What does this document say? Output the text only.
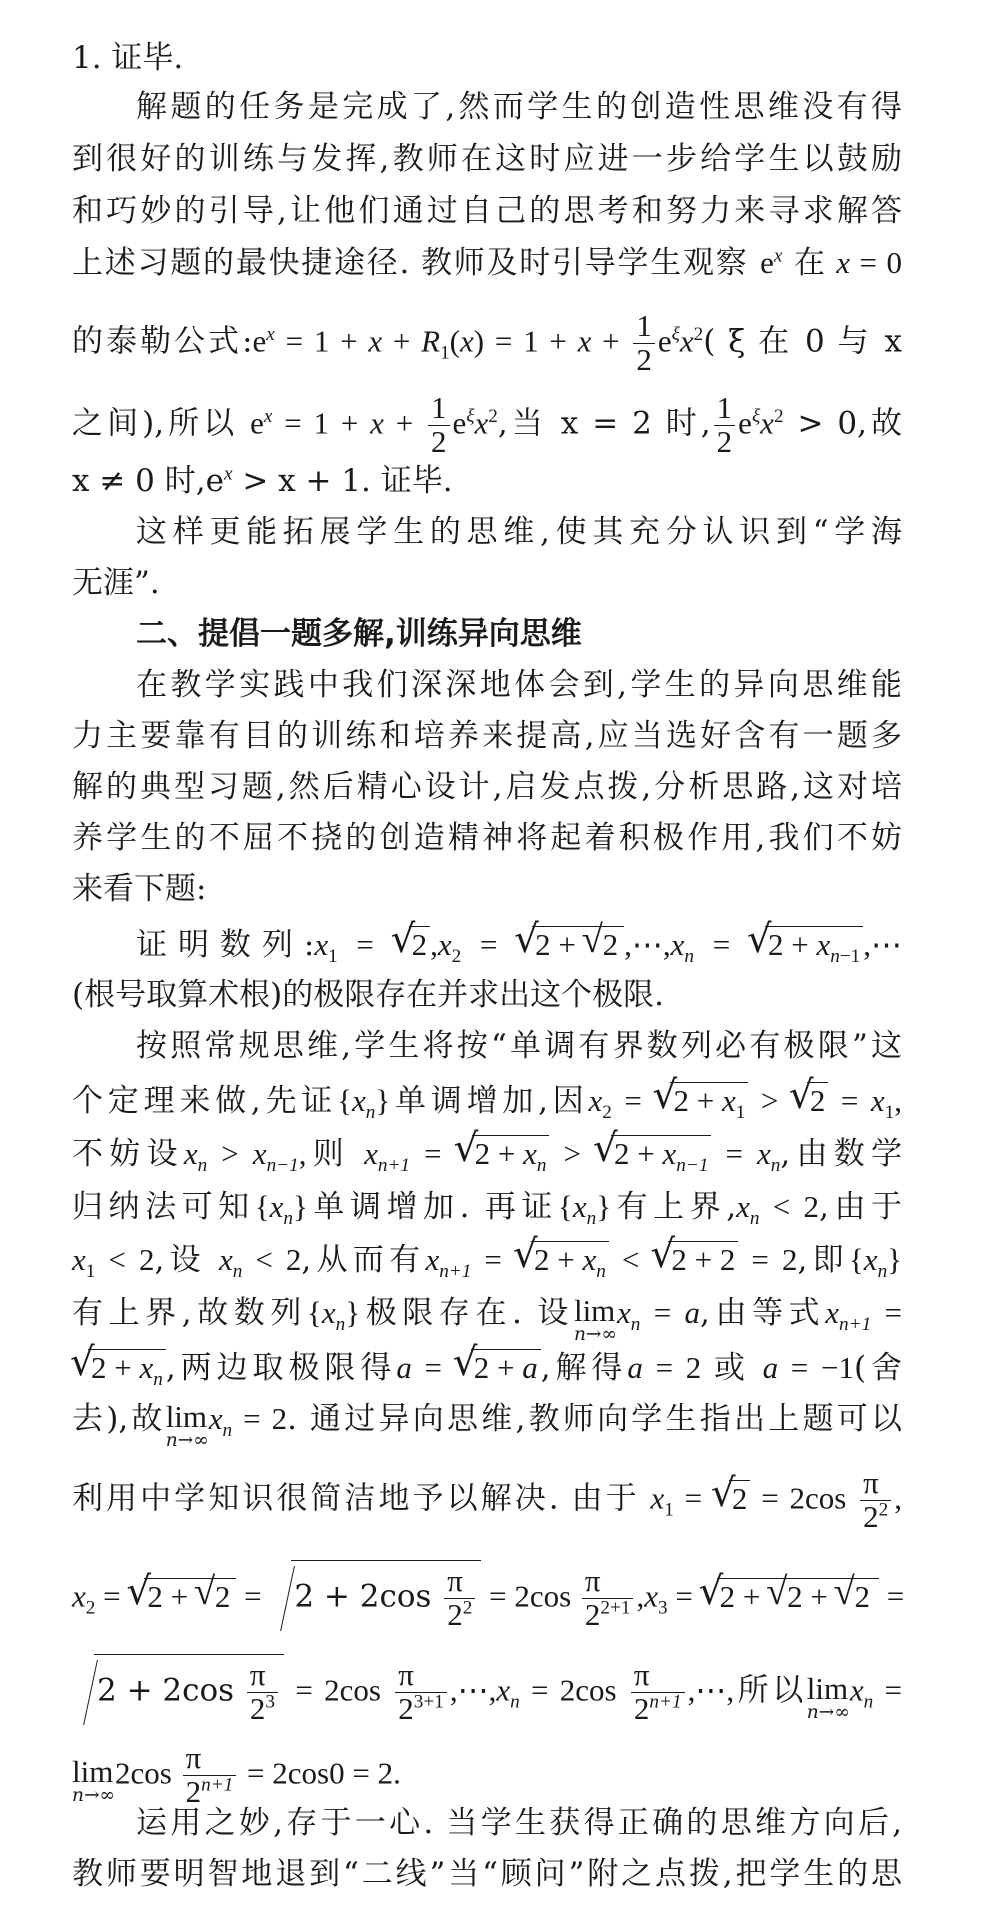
1. 证毕.
解题的任务是完成了,然而学生的创造性思维没有得
到很好的训练与发挥,教师在这时应进一步给学生以鼓励
和巧妙的引导,让他们通过自己的思考和努力来寻求解答
上述习题的最快捷途径. 教师及时引导学生观察 $e^x$ 在 x = 0
的泰勒公式$:e^x = 1 + x + R_1(x) = 1 + x + \frac{1}{2} e^\xi x^2$( ξ 在 0 与 x
之间),所以 $e^x = 1 + x + \frac{1}{2} e^\xi x^2$,当 x = 2 时, $\frac{1}{2} e^\xi x^2 > 0$,故
x ≠ 0 时$,e^x > x + 1$. 证毕.
这样更能拓展学生的思维,使其充分认识到“学海
无涯”.
二、提倡一题多解,训练异向思维
在教学实践中我们深深地体会到,学生的异向思维能
力主要靠有目的训练和培养来提高,应当选好含有一题多
解的典型习题,然后精心设计,启发点拨,分析思路,这对培
养学生的不屈不挠的创造精神将起着积极作用,我们不妨
来看下题:
证明数列$:x_1$ = √ $2,x_2$ = √ 2 + √ 2 $,\cdots,x_n$ = √ $2 + x_{n-1},\cdots$
(根号取算术根)的极限存在并求出这个极限.
按照常规思维,学生将按“单调有界数列必有极限”这
个定理来做,先证$\{x_n\}$单调增加,因$x_2$ = √ $2 + x_1$ > √ $2 = x_1$,
不妨设$x_n > x_{n-1}$,则 $x_{n+1}$ = √ $2 + x_n$ > √ $2 + x_{n-1} = x_n$,由数学
归纳法可知$\{x_n\}$单调增加. 再证$\{x_n\}$有上界$,x_n < 2$,由于
$x_1 < 2$,设 $x_n < 2$,从而有$x_{n+1}$ = √ $2 + x_n$ < √ 2 + 2 = 2,即$\{x_n\}$
有上界,故数列$\{x_n\}$极限存在. 设 lim
n→∞
$x_n = a$,由等式$x_{n+1}$ =
√ $2 + x_n$,两边取极限得a = √ 2 + a,解得a = 2 或 a = −1(舍
去),故 lim
n→∞
$x_n = 2$. 通过异向思维,教师向学生指出上题可以
利用中学知识很简洁地予以解决. 由于 $x_1$ = √ $2 = 2\cos \frac{\pi}{2^2}$ ,
$x_2$ = √ 2 + √ $2 = 2 + 2\cos \frac{\pi}{2^2} = 2\cos \frac{\pi}{2^{2+1}} ,x_3$ = √ 2 + √ 2 + √ 2 =
$2 + 2\cos \frac{\pi}{2^3} = 2\cos \frac{\pi}{2^{3+1}}$ $,\cdots,x_n = 2\cos \frac{\pi}{2^{n+1}}$ ,⋯,所以 lim
n→∞
$x_n$ =
lim
n→∞
$2\cos \frac{\pi}{2^{n+1}} = 2\cos 0 = 2$.
运用之妙,存于一心. 当学生获得正确的思维方向后,
教师要明智地退到“二线”当“顾问”附之点拨,把学生的思
